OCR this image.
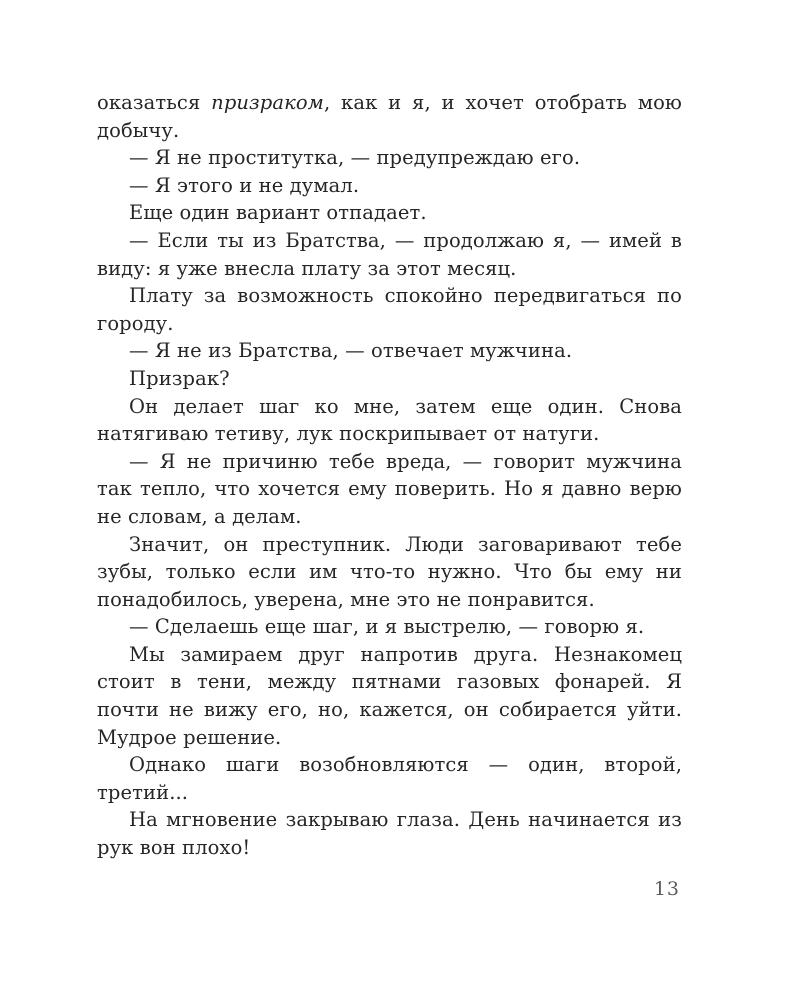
оказаться призраком, как и я, и хочет отобрать мою добычу.

— Я не проститутка, — предупреждаю его.

— Я этого и не думал.

Еще один вариант отпадает.

— Если ты из Братства, — продолжаю я, — имей в виду: я уже внесла плату за этот месяц.

Плату за возможность спокойно передвигаться по городу.

— Я не из Братства, — отвечает мужчина.

Призрак?

Он делает шаг ко мне, затем еще один. Снова натягиваю тетиву, лук поскрипывает от натуги.

— Я не причиню тебе вреда, — говорит мужчина так тепло, что хочется ему поверить. Но я давно верю не словам, а делам.

Значит, он преступник. Люди заговаривают тебе зубы, только если им что-то нужно. Что бы ему ни понадобилось, уверена, мне это не понравится.

— Сделаешь еще шаг, и я выстрелю, — говорю я.

Мы замираем друг напротив друга. Незнакомец стоит в тени, между пятнами газовых фонарей. Я почти не вижу его, но, кажется, он собирается уйти. Мудрое решение.

Однако шаги возобновляются — один, второй, третий...

На мгновение закрываю глаза. День начинается из рук вон плохо!

13
